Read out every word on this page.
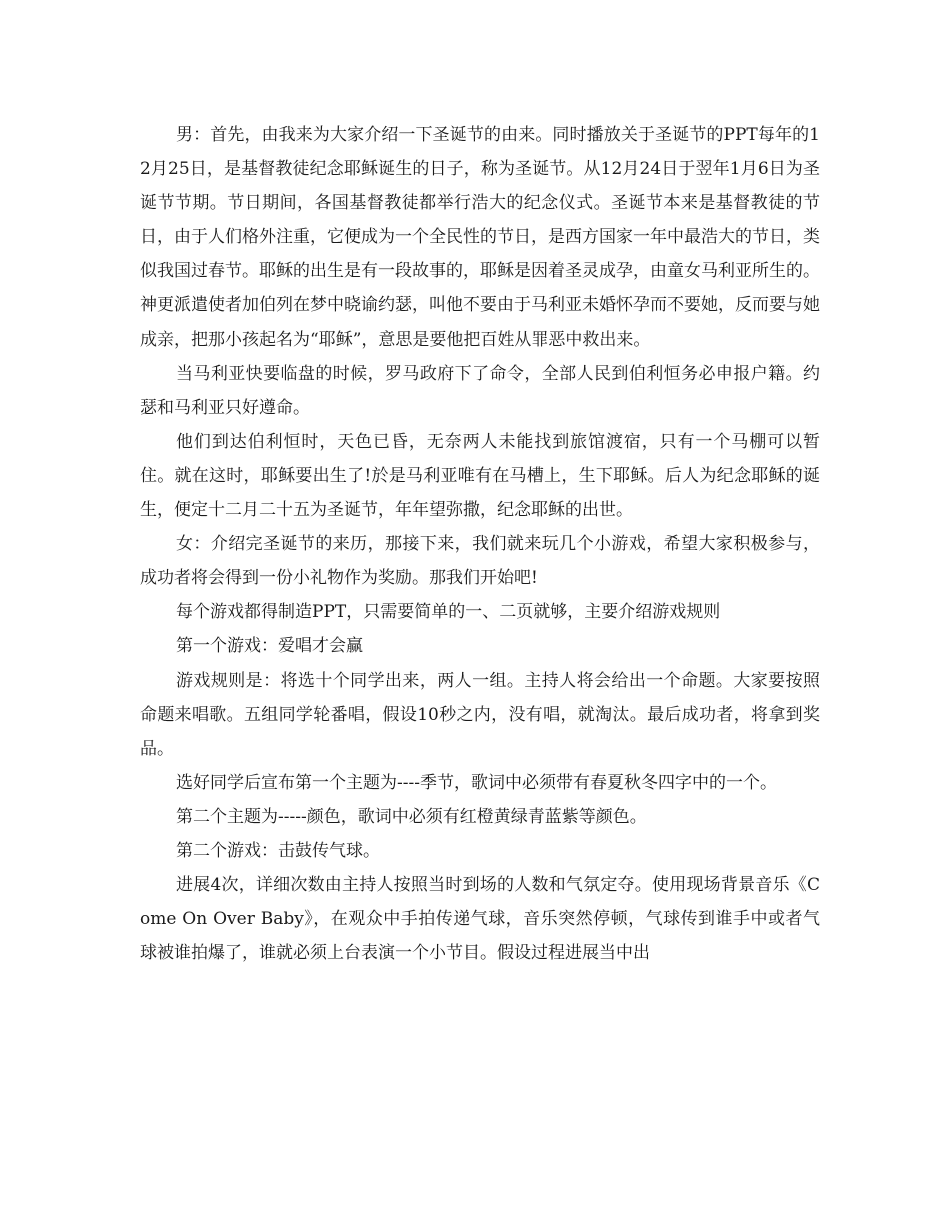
男：首先，由我来为大家介绍一下圣诞节的由来。同时播放关于圣诞节的PPT每年的12月25日，是基督教徒纪念耶稣诞生的日子，称为圣诞节。从12月24日于翌年1月6日为圣诞节节期。节日期间，各国基督教徒都举行浩大的纪念仪式。圣诞节本来是基督教徒的节日，由于人们格外注重，它便成为一个全民性的节日，是西方国家一年中最浩大的节日，类似我国过春节。耶稣的出生是有一段故事的，耶稣是因着圣灵成孕，由童女马利亚所生的。神更派遣使者加伯列在梦中晓谕约瑟，叫他不要由于马利亚未婚怀孕而不要她，反而要与她成亲，把那小孩起名为“耶稣”，意思是要他把百姓从罪恶中救出来。

当马利亚快要临盘的时候，罗马政府下了命令，全部人民到伯利恒务必申报户籍。约瑟和马利亚只好遵命。

他们到达伯利恒时，天色已昏，无奈两人未能找到旅馆渡宿，只有一个马棚可以暂住。就在这时，耶稣要出生了!於是马利亚唯有在马槽上，生下耶稣。后人为纪念耶稣的诞生，便定十二月二十五为圣诞节，年年望弥撒，纪念耶稣的出世。

女：介绍完圣诞节的来历，那接下来，我们就来玩几个小游戏，希望大家积极参与，成功者将会得到一份小礼物作为奖励。那我们开始吧!

每个游戏都得制造PPT，只需要简单的一、二页就够，主要介绍游戏规则

第一个游戏：爱唱才会赢

游戏规则是：将选十个同学出来，两人一组。主持人将会给出一个命题。大家要按照命题来唱歌。五组同学轮番唱，假设10秒之内，没有唱，就淘汰。最后成功者，将拿到奖品。

选好同学后宣布第一个主题为----季节，歌词中必须带有春夏秋冬四字中的一个。

第二个主题为-----颜色，歌词中必须有红橙黄绿青蓝紫等颜色。

第二个游戏：击鼓传气球。

进展4次，详细次数由主持人按照当时到场的人数和气氛定夺。使用现场背景音乐《Come On Over Baby》，在观众中手拍传递气球，音乐突然停顿，气球传到谁手中或者气球被谁拍爆了，谁就必须上台表演一个小节目。假设过程进展当中出
